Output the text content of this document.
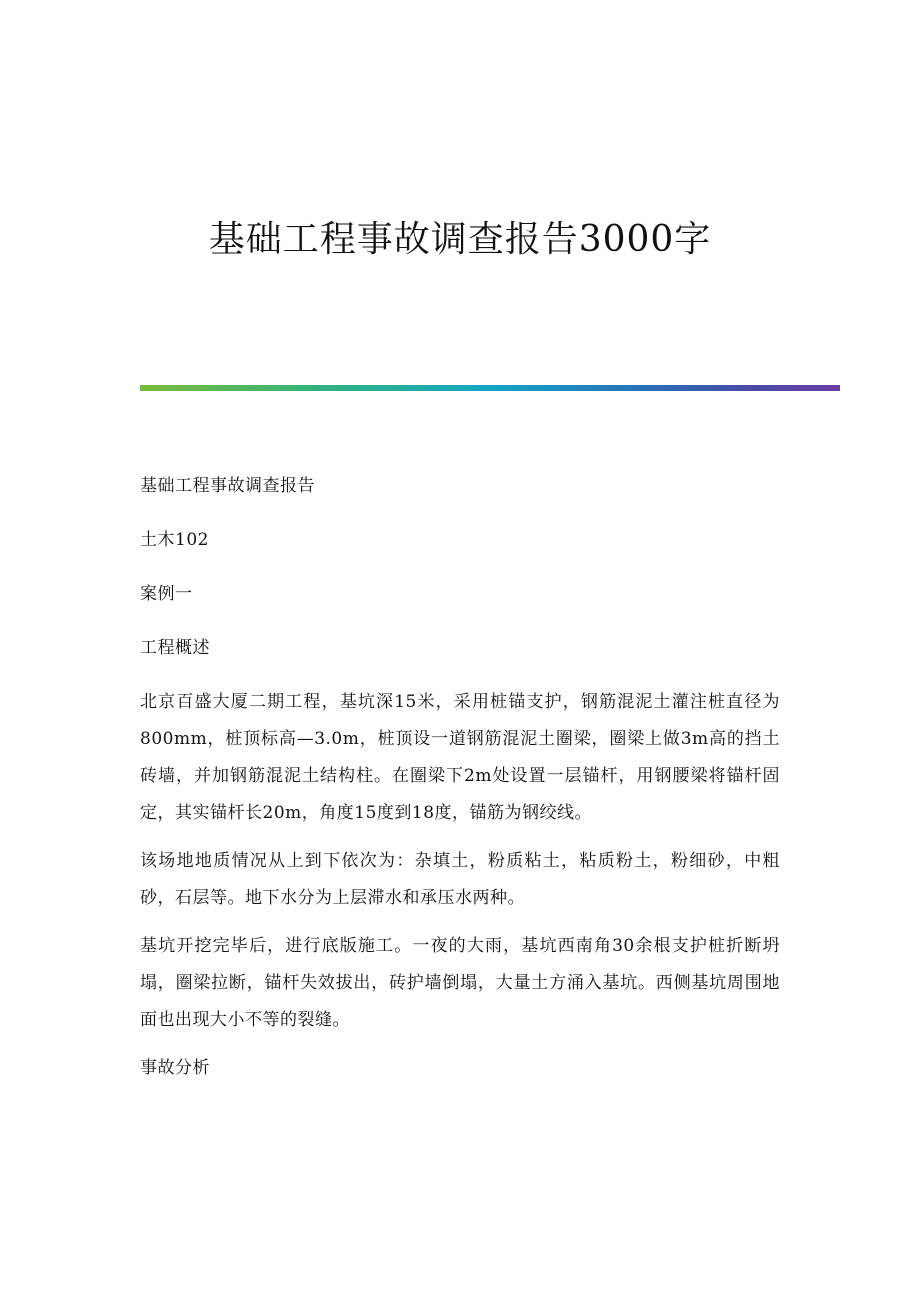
基础工程事故调查报告3000字

基础工程事故调查报告

土木102

案例一

工程概述

北京百盛大厦二期工程，基坑深15米，采用桩锚支护，钢筋混泥土灌注桩直径为800mm，桩顶标高—3.0m，桩顶设一道钢筋混泥土圈梁，圈梁上做3m高的挡土砖墙，并加钢筋混泥土结构柱。在圈梁下2m处设置一层锚杆，用钢腰梁将锚杆固定，其实锚杆长20m，角度15度到18度，锚筋为钢绞线。

该场地地质情况从上到下依次为：杂填土，粉质粘土，粘质粉土，粉细砂，中粗砂，石层等。地下水分为上层滞水和承压水两种。

基坑开挖完毕后，进行底版施工。一夜的大雨，基坑西南角30余根支护桩折断坍塌，圈梁拉断，锚杆失效拔出，砖护墙倒塌，大量土方涌入基坑。西侧基坑周围地面也出现大小不等的裂缝。

事故分析
